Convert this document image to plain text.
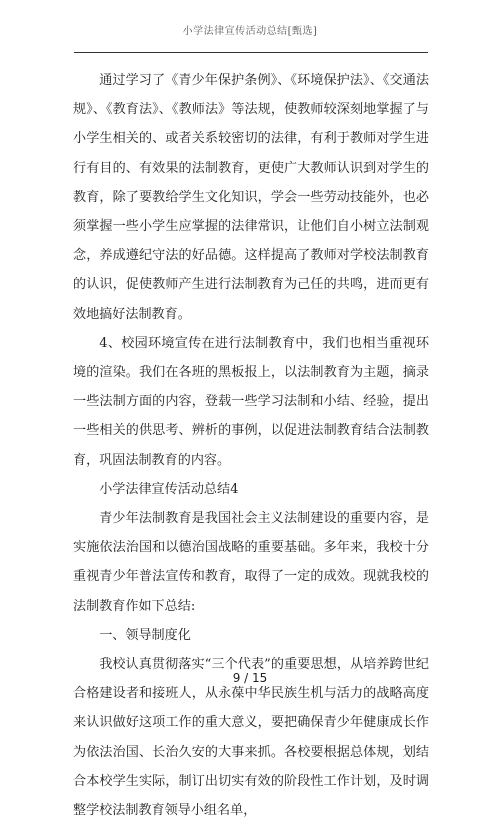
小学法律宣传活动总结[甄选]

通过学习了《青少年保护条例》、《环境保护法》、《交通法规》、《教育法》、《教师法》等法规，使教师较深刻地掌握了与小学生相关的、或者关系较密切的法律，有利于教师对学生进行有目的、有效果的法制教育，更使广大教师认识到对学生的教育，除了要教给学生文化知识，学会一些劳动技能外，也必须掌握一些小学生应掌握的法律常识，让他们自小树立法制观念，养成遵纪守法的好品德。这样提高了教师对学校法制教育的认识，促使教师产生进行法制教育为己任的共鸣，进而更有效地搞好法制教育。

4、校园环境宣传在进行法制教育中，我们也相当重视环境的渲染。我们在各班的黑板报上，以法制教育为主题，摘录一些法制方面的内容，登载一些学习法制和小结、经验，提出一些相关的供思考、辨析的事例，以促进法制教育结合法制教育，巩固法制教育的内容。

小学法律宣传活动总结4

青少年法制教育是我国社会主义法制建设的重要内容，是实施依法治国和以德治国战略的重要基础。多年来，我校十分重视青少年普法宣传和教育，取得了一定的成效。现就我校的法制教育作如下总结:

一、领导制度化

我校认真贯彻落实“三个代表”的重要思想，从培养跨世纪合格建设者和接班人，从永葆中华民族生机与活力的战略高度来认识做好这项工作的重大意义，要把确保青少年健康成长作为依法治国、长治久安的大事来抓。各校要根据总体规，划结合本校学生实际，制订出切实有效的阶段性工作计划，及时调整学校法制教育领导小组名单，

9 / 15
